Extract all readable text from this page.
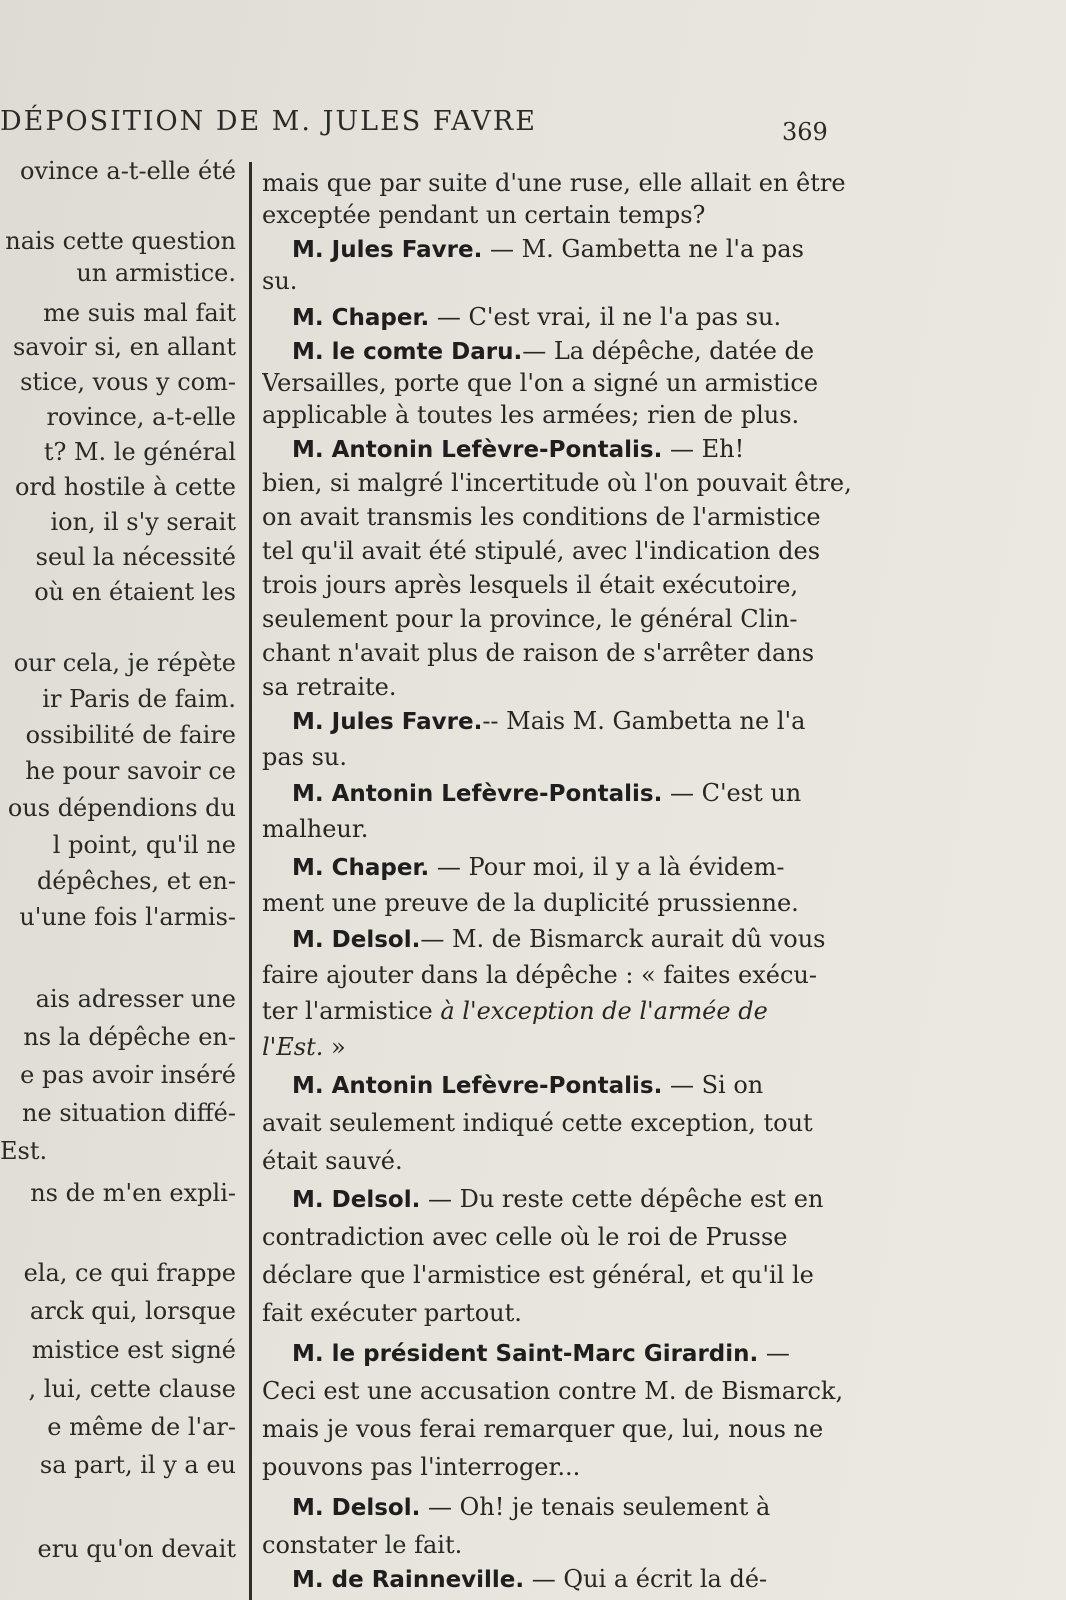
DÉPOSITION DE M. JULES FAVRE	369
ovince a-t-elle été
nais cette question
un armistice.
me suis mal fait
savoir si, en allant
stice, vous y com-
rovince, a-t-elle
t? M. le général
ord hostile à cette
ion, il s'y serait
seul la nécessité
où en étaient les
our cela, je répète
ir Paris de faim.
ossibilité de faire
he pour savoir ce
ous dépendions du
l point, qu'il ne
dépêches, et en-
u'une fois l'armis-
ais adresser une
ns la dépêche en-
e pas avoir inséré
ne situation diffé-
Est.
ns de m'en expli-
ela, ce qui frappe
arck qui, lorsque
mistice est signé
, lui, cette clause
e même de l'ar-
sa part, il y a eu
eru qu'on devait
mais que par suite d'une ruse, elle allait en être
exceptée pendant un certain temps?
M. Jules Favre. — M. Gambetta ne l'a pas
su.
M. Chaper. — C'est vrai, il ne l'a pas su.
M. le comte Daru.— La dépêche, datée de
Versailles, porte que l'on a signé un armistice
applicable à toutes les armées; rien de plus.
M. Antonin Lefèvre-Pontalis. — Eh!
bien, si malgré l'incertitude où l'on pouvait être,
on avait transmis les conditions de l'armistice
tel qu'il avait été stipulé, avec l'indication des
trois jours après lesquels il était exécutoire,
seulement pour la province, le général Clin-
chant n'avait plus de raison de s'arrêter dans
sa retraite.
M. Jules Favre.-- Mais M. Gambetta ne l'a
pas su.
M. Antonin Lefèvre-Pontalis. — C'est un
malheur.
M. Chaper. — Pour moi, il y a là évidem-
ment une preuve de la duplicité prussienne.
M. Delsol.— M. de Bismarck aurait dû vous
faire ajouter dans la dépêche : « faites exécu-
ter l'armistice à l'exception de l'armée de
l'Est. »
M. Antonin Lefèvre-Pontalis. — Si on
avait seulement indiqué cette exception, tout
était sauvé.
M. Delsol. — Du reste cette dépêche est en
contradiction avec celle où le roi de Prusse
déclare que l'armistice est général, et qu'il le
fait exécuter partout.
M. le président Saint-Marc Girardin. —
Ceci est une accusation contre M. de Bismarck,
mais je vous ferai remarquer que, lui, nous ne
pouvons pas l'interroger...
M. Delsol. — Oh! je tenais seulement à
constater le fait.
M. de Rainneville. — Qui a écrit la dé-
